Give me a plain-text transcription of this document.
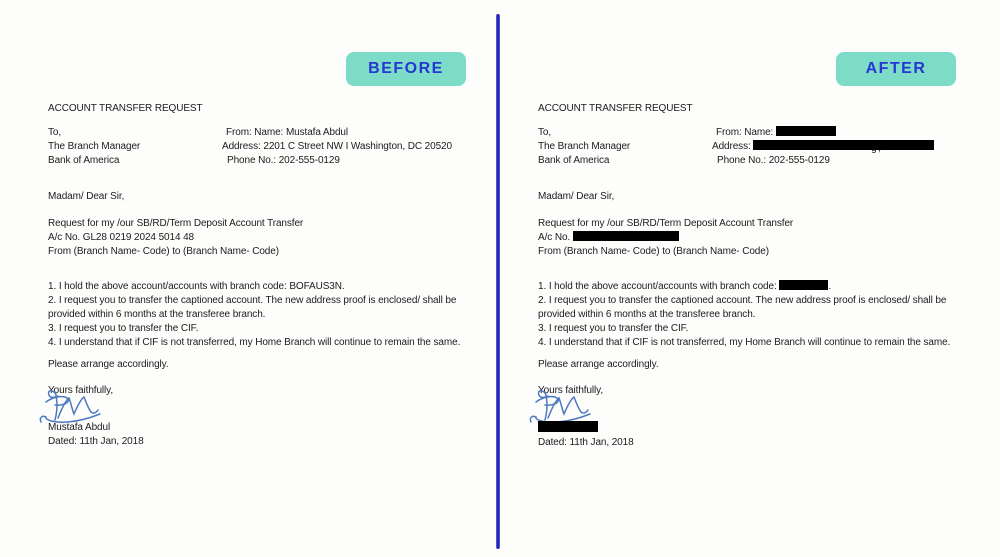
BEFORE	AFTER
ACCOUNT TRANSFER REQUEST
To,	From: Name: Mustafa Abdul
The Branch Manager	Address: 2201 C Street NW I Washington, DC 20520
Bank of America	Phone No.: 202-555-0129
Madam/ Dear Sir,
Request for my /our SB/RD/Term Deposit Account Transfer
A/c No. GL28 0219 2024 5014 48
From (Branch Name- Code) to (Branch Name- Code)
1. I hold the above account/accounts with branch code: BOFAUS3N.
2. I request you to transfer the captioned account. The new address proof is enclosed/ shall be
provided within 6 months at the transferee branch.
3. I request you to transfer the CIF.
4. I understand that if CIF is not transferred, my Home Branch will continue to remain the same.
Please arrange accordingly.
Yours faithfully,
Mustafa Abdul
Dated: 11th Jan, 2018
ACCOUNT TRANSFER REQUEST
To,	From: Name:
The Branch Manager	Address:	g,
Bank of America	Phone No.: 202-555-0129
Madam/ Dear Sir,
Request for my /our SB/RD/Term Deposit Account Transfer
A/c No.
From (Branch Name- Code) to (Branch Name- Code)
1. I hold the above account/accounts with branch code:	.
2. I request you to transfer the captioned account. The new address proof is enclosed/ shall be
provided within 6 months at the transferee branch.
3. I request you to transfer the CIF.
4. I understand that if CIF is not transferred, my Home Branch will continue to remain the same.
Please arrange accordingly.
Yours faithfully,
Dated: 11th Jan, 2018
